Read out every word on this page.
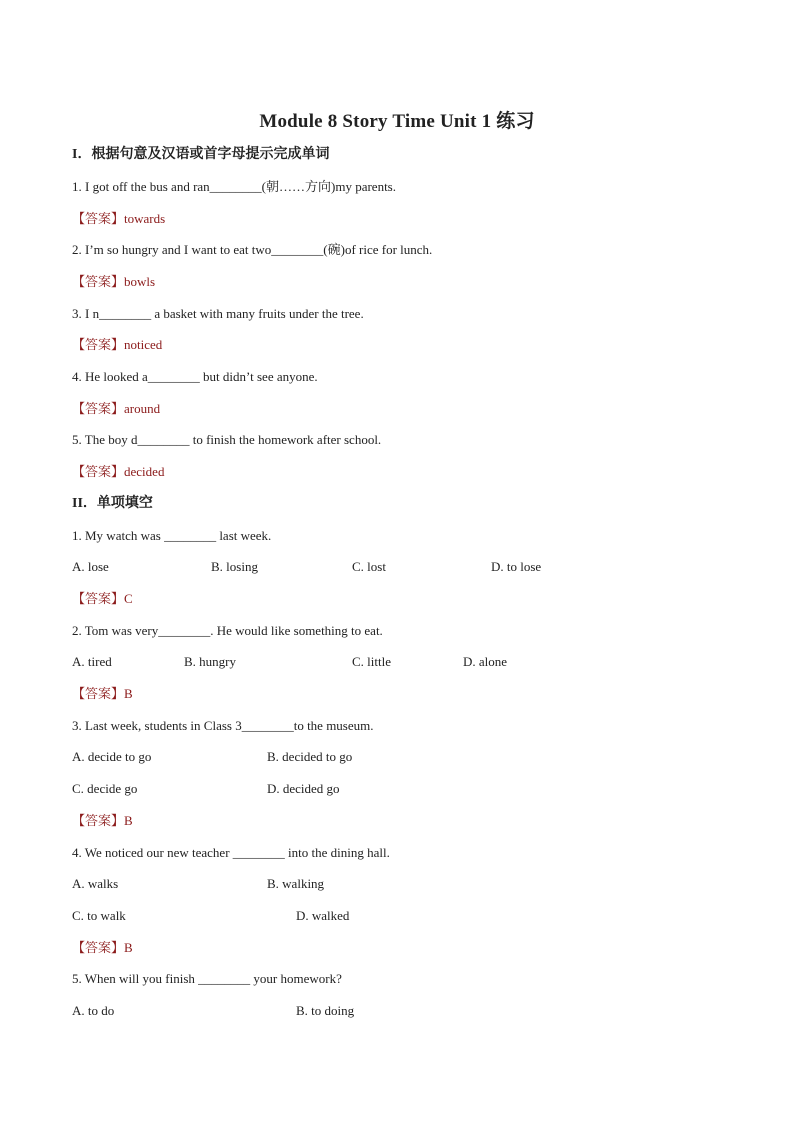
Module 8 Story Time Unit 1 练习
I．根据句意及汉语或首字母提示完成单词
1. I got off the bus and ran________(朝……方向)my parents.
【答案】towards
2. I’m so hungry and I want to eat two________(碗)of rice for lunch.
【答案】bowls
3. I n________ a basket with many fruits under the tree.
【答案】noticed
4. He looked a________ but didn’t see anyone.
【答案】around
5. The boy d________ to finish the homework after school.
【答案】decided
II．单项填空
1. My watch was ________ last week.
A. lose	B. losing	C. lost	D. to lose
【答案】C
2. Tom was very________. He would like something to eat.
A. tired	B. hungry	C. little	D. alone
【答案】B
3. Last week, students in Class 3________to the museum.
A. decide to go	B. decided to go
C. decide go	D. decided go
【答案】B
4. We noticed our new teacher ________ into the dining hall.
A. walks	B. walking
C. to walk	D. walked
【答案】B
5. When will you finish ________ your homework?
A. to do	B. to doing
